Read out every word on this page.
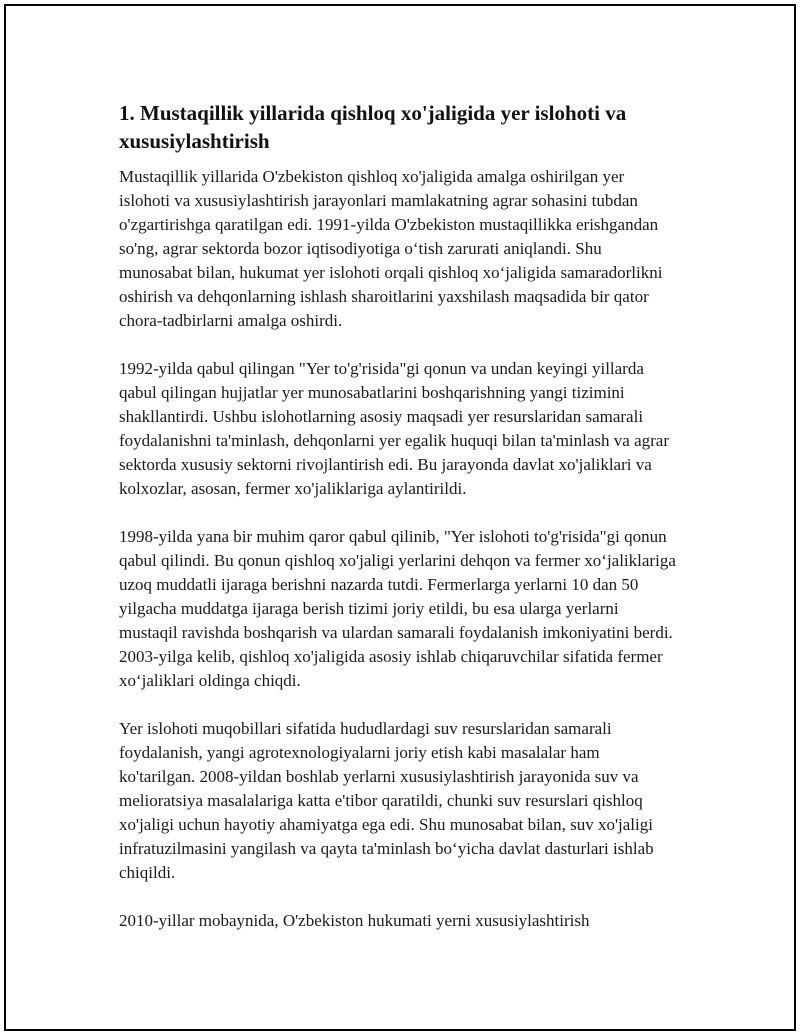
1. Mustaqillik yillarida qishloq xo'jaligida yer islohoti va xususiylashtirish

Mustaqillik yillarida O'zbekiston qishloq xo'jaligida amalga oshirilgan yer islohoti va xususiylashtirish jarayonlari mamlakatning agrar sohasini tubdan o'zgartirishga qaratilgan edi. 1991-yilda O'zbekiston mustaqillikka erishgandan so'ng, agrar sektorda bozor iqtisodiyotiga o‘tish zarurati aniqlandi. Shu munosabat bilan, hukumat yer islohoti orqali qishloq xo‘jaligida samaradorlikni oshirish va dehqonlarning ishlash sharoitlarini yaxshilash maqsadida bir qator chora-tadbirlarni amalga oshirdi.

1992-yilda qabul qilingan "Yer to'g'risida"gi qonun va undan keyingi yillarda qabul qilingan hujjatlar yer munosabatlarini boshqarishning yangi tizimini shakllantirdi. Ushbu islohotlarning asosiy maqsadi yer resurslaridan samarali foydalanishni ta'minlash, dehqonlarni yer egalik huquqi bilan ta'minlash va agrar sektorda xususiy sektorni rivojlantirish edi. Bu jarayonda davlat xo'jaliklari va kolxozlar, asosan, fermer xo'jaliklariga aylantirildi.

1998-yilda yana bir muhim qaror qabul qilinib, "Yer islohoti to'g'risida"gi qonun qabul qilindi. Bu qonun qishloq xo'jaligi yerlarini dehqon va fermer xo‘jaliklariga uzoq muddatli ijaraga berishni nazarda tutdi. Fermerlarga yerlarni 10 dan 50 yilgacha muddatga ijaraga berish tizimi joriy etildi, bu esa ularga yerlarni mustaqil ravishda boshqarish va ulardan samarali foydalanish imkoniyatini berdi. 2003-yilga kelib, qishloq xo'jaligida asosiy ishlab chiqaruvchilar sifatida fermer xo‘jaliklari oldinga chiqdi.

Yer islohoti muqobillari sifatida hududlardagi suv resurslaridan samarali foydalanish, yangi agrotexnologiyalarni joriy etish kabi masalalar ham ko'tarilgan. 2008-yildan boshlab yerlarni xususiylashtirish jarayonida suv va melioratsiya masalalariga katta e'tibor qaratildi, chunki suv resurslari qishloq xo'jaligi uchun hayotiy ahamiyatga ega edi. Shu munosabat bilan, suv xo'jaligi infratuzilmasini yangilash va qayta ta'minlash bo‘yicha davlat dasturlari ishlab chiqildi.

2010-yillar mobaynida, O'zbekiston hukumati yerni xususiylashtirish
